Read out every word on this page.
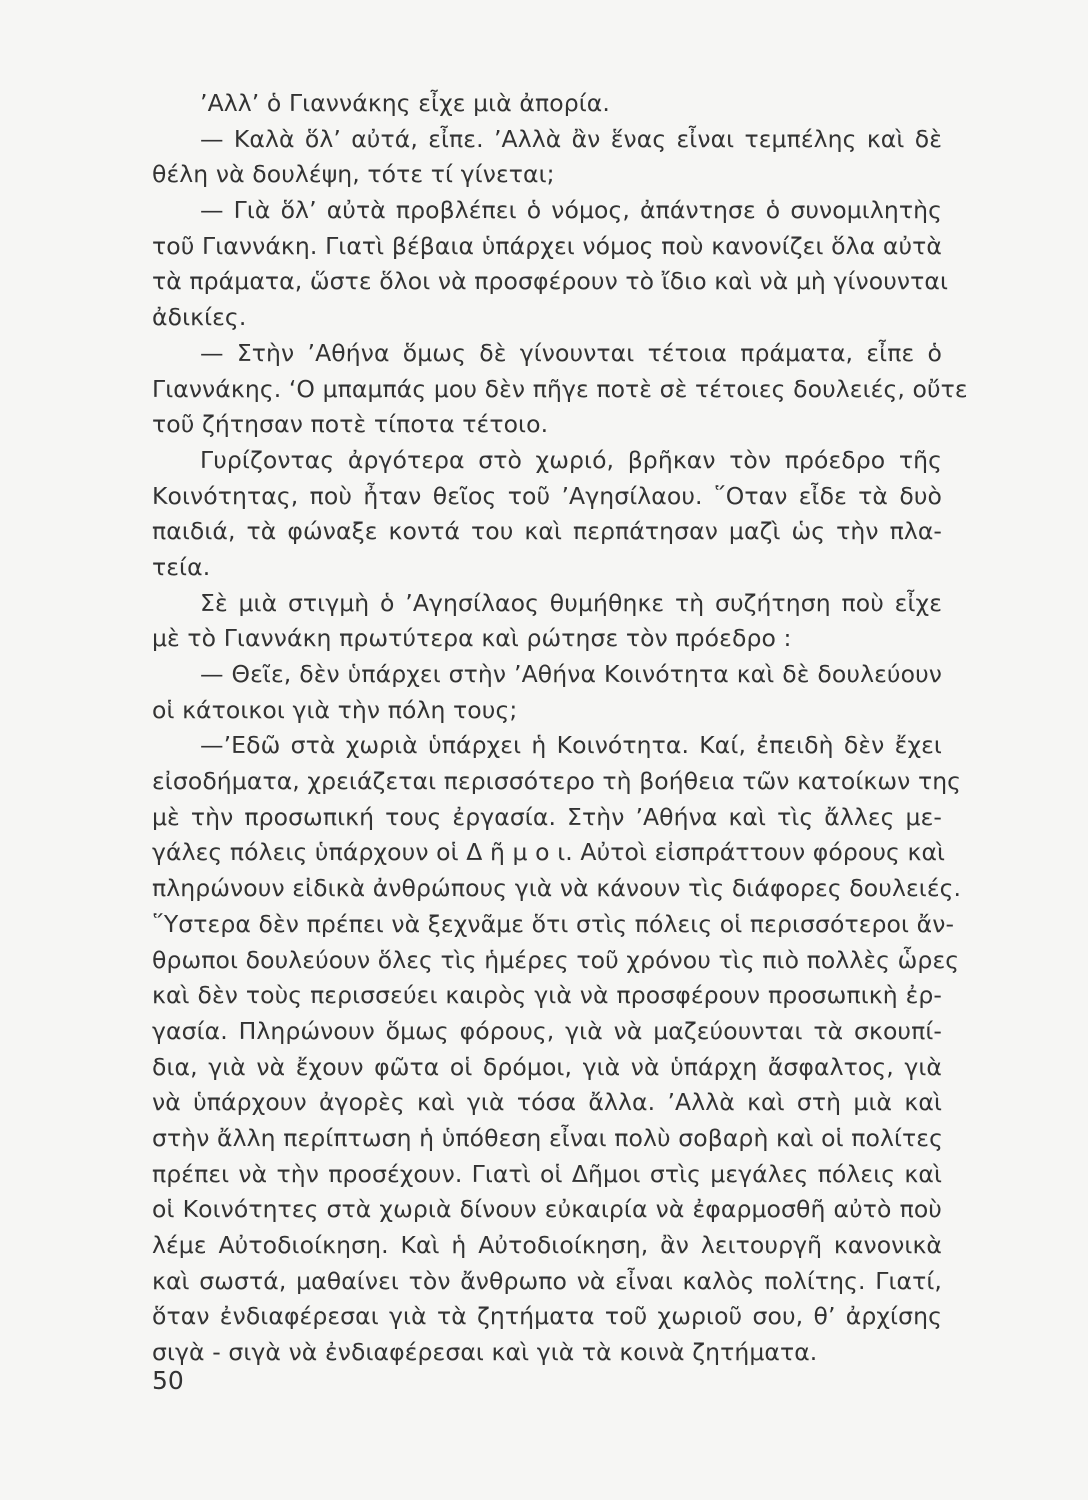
’Αλλ’ ὁ Γιαννάκης εἶχε μιὰ ἀπορία.
— Καλὰ ὅλ’ αὐτά, εἶπε. ’Αλλὰ ἂν ἕνας εἶναι τεμπέλης καὶ δὲ
θέλη νὰ δουλέψη, τότε τί γίνεται;
— Γιὰ ὅλ’ αὐτὰ προβλέπει ὁ νόμος, ἀπάντησε ὁ συνομιλητὴς
τοῦ Γιαννάκη. Γιατὶ βέβαια ὑπάρχει νόμος ποὺ κανονίζει ὅλα αὐτὰ
τὰ πράματα, ὥστε ὅλοι νὰ προσφέρουν τὸ ἴδιο καὶ νὰ μὴ γίνουνται
ἀδικίες.
— Στὴν ’Αθήνα ὅμως δὲ γίνουνται τέτοια πράματα, εἶπε ὁ
Γιαννάκης. ‘Ο μπαμπάς μου δὲν πῆγε ποτὲ σὲ τέτοιες δουλειές, οὔτε
τοῦ ζήτησαν ποτὲ τίποτα τέτοιο.
Γυρίζοντας ἀργότερα στὸ χωριό, βρῆκαν τὸν πρόεδρο τῆς
Κοινότητας, ποὺ ἦταν θεῖος τοῦ ’Αγησίλαου. ῞Οταν εἶδε τὰ δυὸ
παιδιά, τὰ φώναξε κοντά του καὶ περπάτησαν μαζὶ ὡς τὴν πλα-
τεία.
Σὲ μιὰ στιγμὴ ὁ ’Αγησίλαος θυμήθηκε τὴ συζήτηση ποὺ εἶχε
μὲ τὸ Γιαννάκη πρωτύτερα καὶ ρώτησε τὸν πρόεδρο :
— Θεῖε, δὲν ὑπάρχει στὴν ’Αθήνα Κοινότητα καὶ δὲ δουλεύουν
οἱ κάτοικοι γιὰ τὴν πόλη τους;
—’Εδῶ στὰ χωριὰ ὑπάρχει ἡ Κοινότητα. Καί, ἐπειδὴ δὲν ἔχει
εἰσοδήματα, χρειάζεται περισσότερο τὴ βοήθεια τῶν κατοίκων της
μὲ τὴν προσωπική τους ἐργασία. Στὴν ’Αθήνα καὶ τὶς ἄλλες με-
γάλες πόλεις ὑπάρχουν οἱ Δ ῆ μ ο ι. Αὐτοὶ εἰσπράττουν φόρους καὶ
πληρώνουν εἰδικὰ ἀνθρώπους γιὰ νὰ κάνουν τὶς διάφορες δουλειές.
῞Υστερα δὲν πρέπει νὰ ξεχνᾶμε ὅτι στὶς πόλεις οἱ περισσότεροι ἄν-
θρωποι δουλεύουν ὅλες τὶς ἡμέρες τοῦ χρόνου τὶς πιὸ πολλὲς ὧρες
καὶ δὲν τοὺς περισσεύει καιρὸς γιὰ νὰ προσφέρουν προσωπικὴ ἐρ-
γασία. Πληρώνουν ὅμως φόρους, γιὰ νὰ μαζεύουνται τὰ σκουπί-
δια, γιὰ νὰ ἔχουν φῶτα οἱ δρόμοι, γιὰ νὰ ὑπάρχη ἄσφαλτος, γιὰ
νὰ ὑπάρχουν ἀγορὲς καὶ γιὰ τόσα ἄλλα. ’Αλλὰ καὶ στὴ μιὰ καὶ
στὴν ἄλλη περίπτωση ἡ ὑπόθεση εἶναι πολὺ σοβαρὴ καὶ οἱ πολίτες
πρέπει νὰ τὴν προσέχουν. Γιατὶ οἱ Δῆμοι στὶς μεγάλες πόλεις καὶ
οἱ Κοινότητες στὰ χωριὰ δίνουν εὐκαιρία νὰ ἐφαρμοσθῆ αὐτὸ ποὺ
λέμε Αὐτοδιοίκηση. Καὶ ἡ Αὐτοδιοίκηση, ἂν λειτουργῆ κανονικὰ
καὶ σωστά, μαθαίνει τὸν ἄνθρωπο νὰ εἶναι καλὸς πολίτης. Γιατί,
ὅταν ἐνδιαφέρεσαι γιὰ τὰ ζητήματα τοῦ χωριοῦ σου, θ’ ἀρχίσης
σιγὰ - σιγὰ νὰ ἐνδιαφέρεσαι καὶ γιὰ τὰ κοινὰ ζητήματα.
50
